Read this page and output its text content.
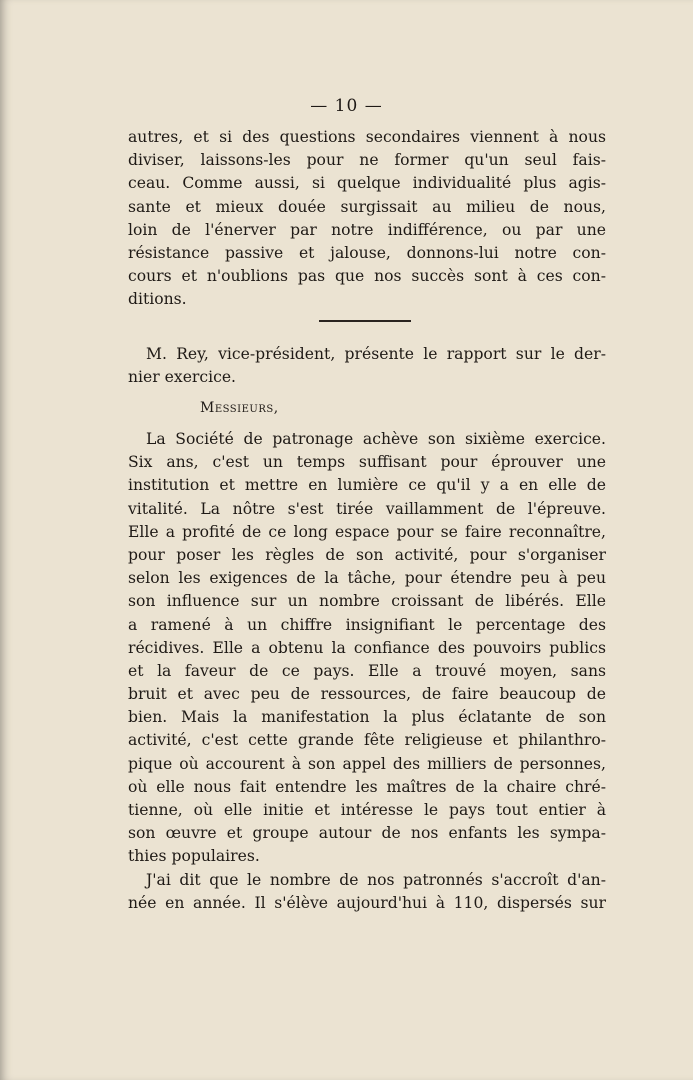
— 10 —
autres, et si des questions secondaires viennent à nous
diviser, laissons-les pour ne former qu'un seul fais-
ceau. Comme aussi, si quelque individualité plus agis-
sante et mieux douée surgissait au milieu de nous,
loin de l'énerver par notre indifférence, ou par une
résistance passive et jalouse, donnons-lui notre con-
cours et n'oublions pas que nos succès sont à ces con-
ditions.
M. Rey, vice-président, présente le rapport sur le der-
nier exercice.
Messieurs,
La Société de patronage achève son sixième exercice.
Six ans, c'est un temps suffisant pour éprouver une
institution et mettre en lumière ce qu'il y a en elle de
vitalité. La nôtre s'est tirée vaillamment de l'épreuve.
Elle a profité de ce long espace pour se faire reconnaître,
pour poser les règles de son activité, pour s'organiser
selon les exigences de la tâche, pour étendre peu à peu
son influence sur un nombre croissant de libérés. Elle
a ramené à un chiffre insignifiant le percentage des
récidives. Elle a obtenu la confiance des pouvoirs publics
et la faveur de ce pays. Elle a trouvé moyen, sans
bruit et avec peu de ressources, de faire beaucoup de
bien. Mais la manifestation la plus éclatante de son
activité, c'est cette grande fête religieuse et philanthro-
pique où accourent à son appel des milliers de personnes,
où elle nous fait entendre les maîtres de la chaire chré-
tienne, où elle initie et intéresse le pays tout entier à
son œuvre et groupe autour de nos enfants les sympa-
thies populaires.
J'ai dit que le nombre de nos patronnés s'accroît d'an-
née en année. Il s'élève aujourd'hui à 110, dispersés sur
